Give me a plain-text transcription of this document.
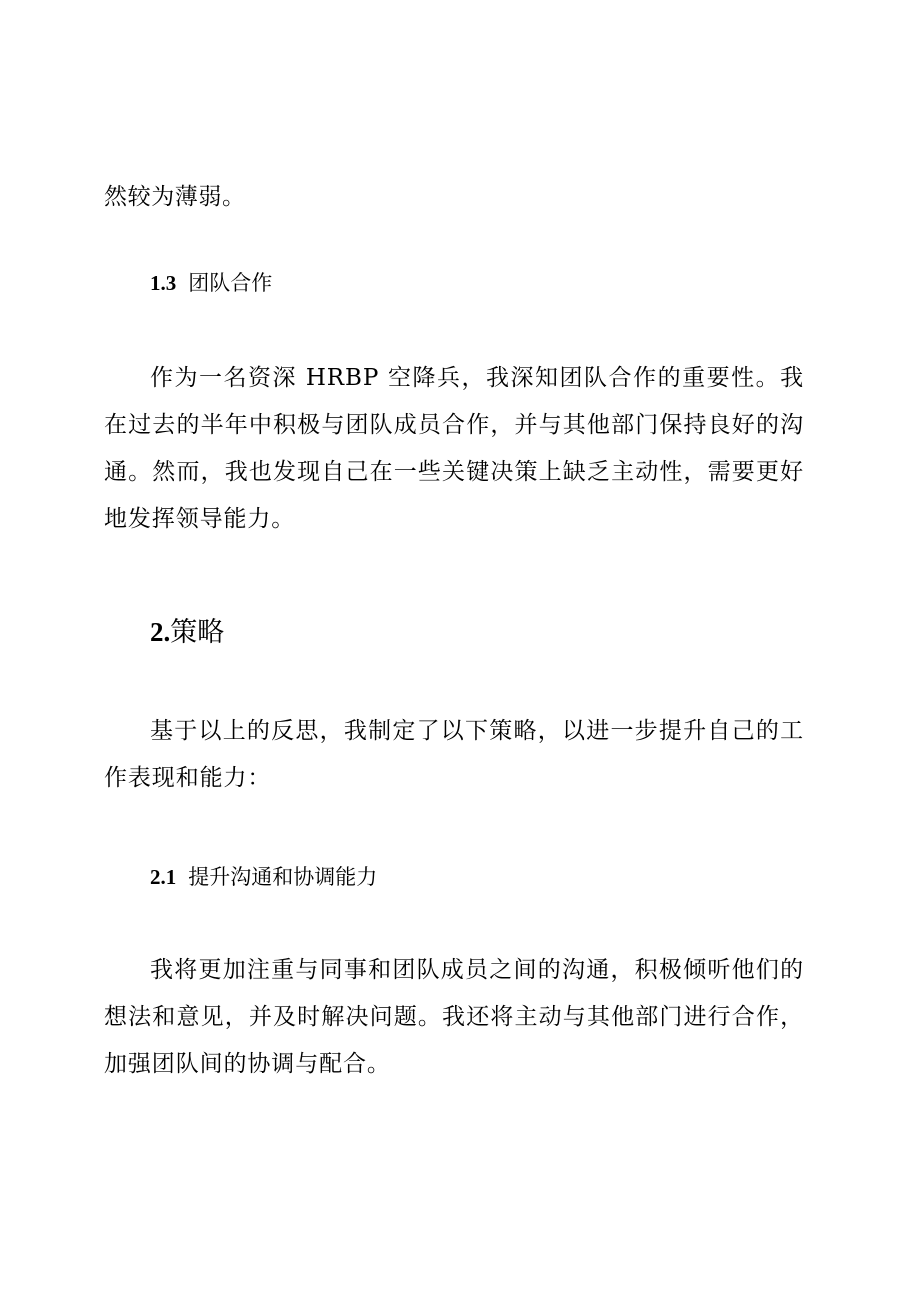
然较为薄弱。
1.3 团队合作

作为一名资深 HRBP 空降兵，我深知团队合作的重要性。我在过去的半年中积极与团队成员合作，并与其他部门保持良好的沟通。然而，我也发现自己在一些关键决策上缺乏主动性，需要更好地发挥领导能力。

2.策略

基于以上的反思，我制定了以下策略，以进一步提升自己的工作表现和能力：

2.1 提升沟通和协调能力

我将更加注重与同事和团队成员之间的沟通，积极倾听他们的想法和意见，并及时解决问题。我还将主动与其他部门进行合作，加强团队间的协调与配合。
